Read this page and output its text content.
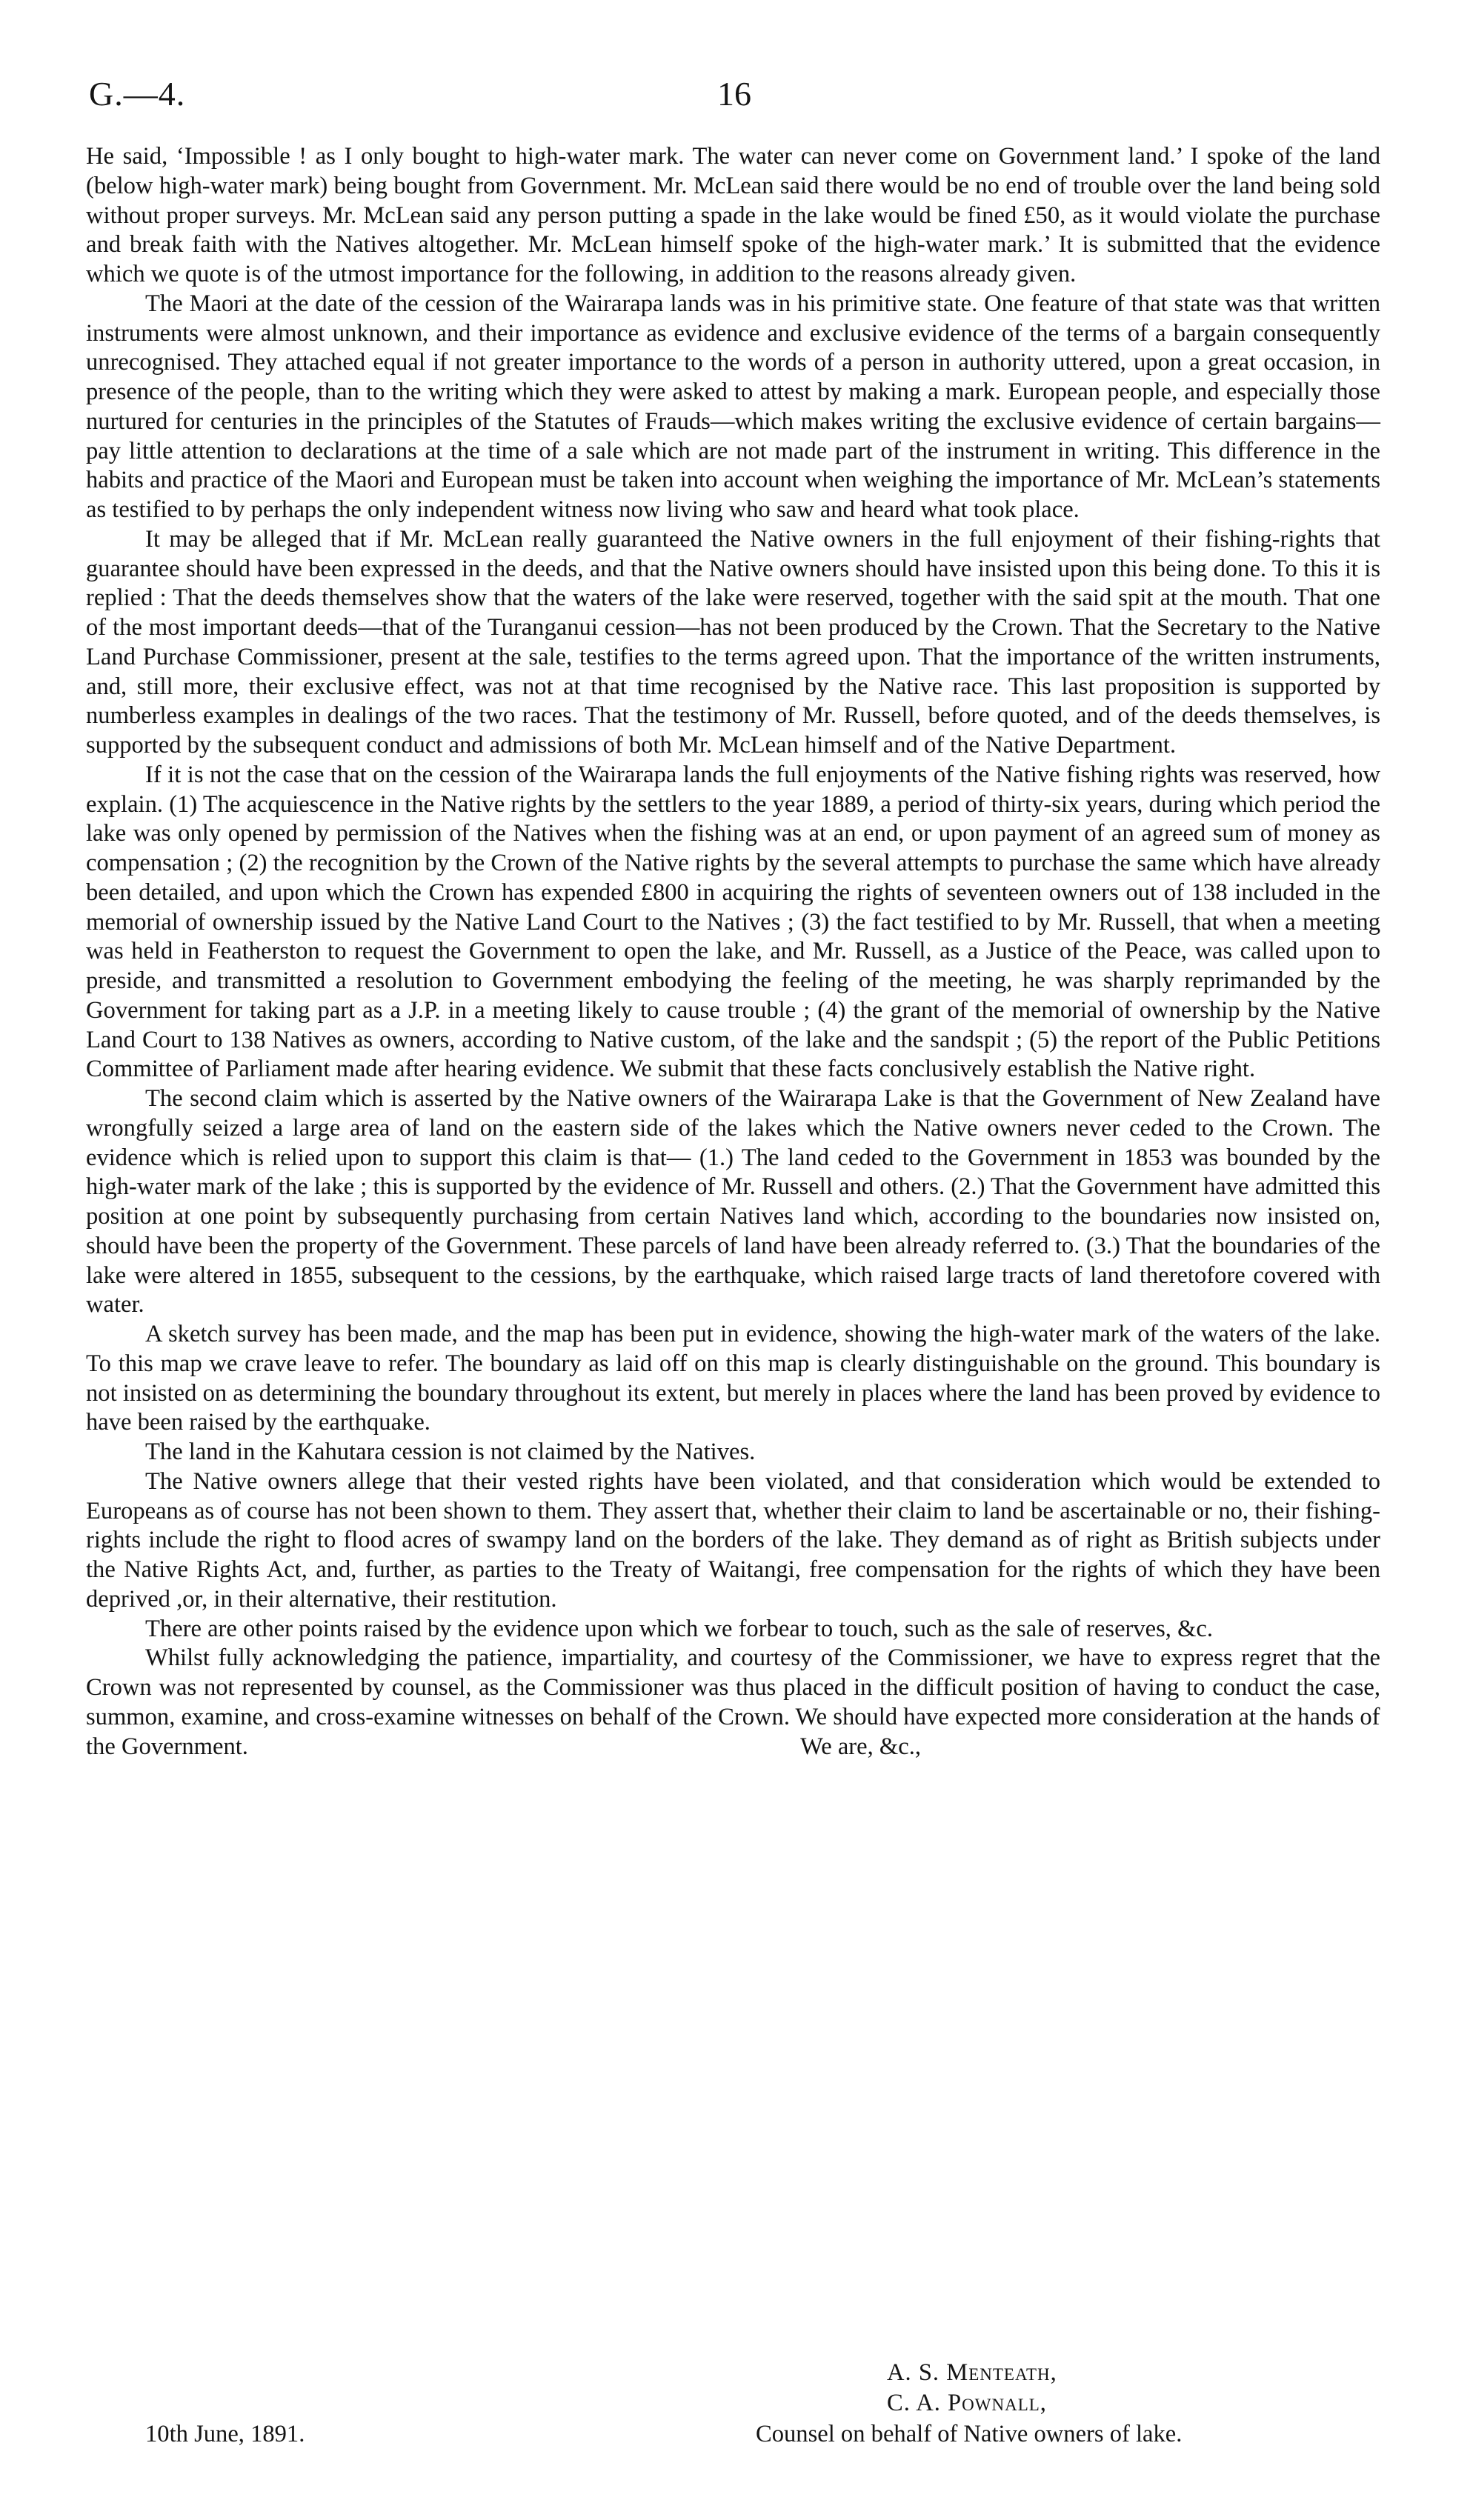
G.—4.	16

He said, ‘Impossible ! as I only bought to high-water mark. The water can never come on Government land.’ I spoke of the land (below high-water mark) being bought from Government. Mr. McLean said there would be no end of trouble over the land being sold without proper surveys. Mr. McLean said any person putting a spade in the lake would be fined £50, as it would violate the purchase and break faith with the Natives altogether. Mr. McLean himself spoke of the high-water mark.’ It is submitted that the evidence which we quote is of the utmost importance for the following, in addition to the reasons already given.

The Maori at the date of the cession of the Wairarapa lands was in his primitive state. One feature of that state was that written instruments were almost unknown, and their importance as evidence and exclusive evidence of the terms of a bargain consequently unrecognised. They attached equal if not greater importance to the words of a person in authority uttered, upon a great occasion, in presence of the people, than to the writing which they were asked to attest by making a mark. European people, and especially those nurtured for centuries in the principles of the Statutes of Frauds—which makes writing the exclusive evidence of certain bargains—pay little attention to declarations at the time of a sale which are not made part of the instrument in writing. This difference in the habits and practice of the Maori and European must be taken into account when weighing the importance of Mr. McLean’s statements as testified to by perhaps the only independent witness now living who saw and heard what took place.

It may be alleged that if Mr. McLean really guaranteed the Native owners in the full enjoyment of their fishing-rights that guarantee should have been expressed in the deeds, and that the Native owners should have insisted upon this being done. To this it is replied : That the deeds themselves show that the waters of the lake were reserved, together with the said spit at the mouth. That one of the most important deeds—that of the Turanganui cession—has not been produced by the Crown. That the Secretary to the Native Land Purchase Commissioner, present at the sale, testifies to the terms agreed upon. That the importance of the written instruments, and, still more, their exclusive effect, was not at that time recognised by the Native race. This last proposition is supported by numberless examples in dealings of the two races. That the testimony of Mr. Russell, before quoted, and of the deeds themselves, is supported by the subsequent conduct and admissions of both Mr. McLean himself and of the Native Department.

If it is not the case that on the cession of the Wairarapa lands the full enjoyments of the Native fishing rights was reserved, how explain. (1) The acquiescence in the Native rights by the settlers to the year 1889, a period of thirty-six years, during which period the lake was only opened by permission of the Natives when the fishing was at an end, or upon payment of an agreed sum of money as compensation ; (2) the recognition by the Crown of the Native rights by the several attempts to purchase the same which have already been detailed, and upon which the Crown has expended £800 in acquiring the rights of seventeen owners out of 138 included in the memorial of ownership issued by the Native Land Court to the Natives ; (3) the fact testified to by Mr. Russell, that when a meeting was held in Featherston to request the Government to open the lake, and Mr. Russell, as a Justice of the Peace, was called upon to preside, and transmitted a resolution to Government embodying the feeling of the meeting, he was sharply reprimanded by the Government for taking part as a J.P. in a meeting likely to cause trouble ; (4) the grant of the memorial of ownership by the Native Land Court to 138 Natives as owners, according to Native custom, of the lake and the sandspit ; (5) the report of the Public Petitions Committee of Parliament made after hearing evidence. We submit that these facts conclusively establish the Native right.

The second claim which is asserted by the Native owners of the Wairarapa Lake is that the Government of New Zealand have wrongfully seized a large area of land on the eastern side of the lakes which the Native owners never ceded to the Crown. The evidence which is relied upon to support this claim is that— (1.) The land ceded to the Government in 1853 was bounded by the high-water mark of the lake ; this is supported by the evidence of Mr. Russell and others. (2.) That the Government have admitted this position at one point by subsequently purchasing from certain Natives land which, according to the boundaries now insisted on, should have been the property of the Government. These parcels of land have been already referred to. (3.) That the boundaries of the lake were altered in 1855, subsequent to the cessions, by the earthquake, which raised large tracts of land theretofore covered with water.

A sketch survey has been made, and the map has been put in evidence, showing the high-water mark of the waters of the lake. To this map we crave leave to refer. The boundary as laid off on this map is clearly distinguishable on the ground. This boundary is not insisted on as determining the boundary throughout its extent, but merely in places where the land has been proved by evidence to have been raised by the earthquake.

The land in the Kahutara cession is not claimed by the Natives.

The Native owners allege that their vested rights have been violated, and that consideration which would be extended to Europeans as of course has not been shown to them. They assert that, whether their claim to land be ascertainable or no, their fishing-rights include the right to flood acres of swampy land on the borders of the lake. They demand as of right as British subjects under the Native Rights Act, and, further, as parties to the Treaty of Waitangi, free compensation for the rights of which they have been deprived ,or, in their alternative, their restitution.

There are other points raised by the evidence upon which we forbear to touch, such as the sale of reserves, &c.

Whilst fully acknowledging the patience, impartiality, and courtesy of the Commissioner, we have to express regret that the Crown was not represented by counsel, as the Commissioner was thus placed in the difficult position of having to conduct the case, summon, examine, and cross-examine witnesses on behalf of the Crown. We should have expected more consideration at the hands of

the Government.	We are, &c.,
A. S. Menteath,
C. A. Pownall,
10th June, 1891.	Counsel on behalf of Native owners of lake.
